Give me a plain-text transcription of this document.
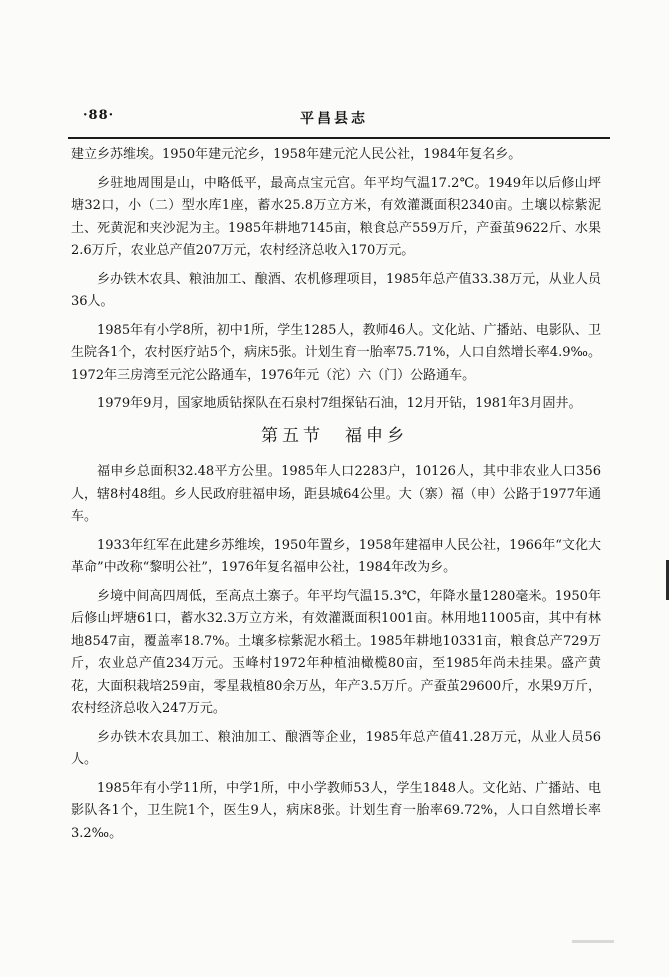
·88·	平昌县志

建立乡苏维埃。1950年建元沱乡，1958年建元沱人民公社，1984年复名乡。

乡驻地周围是山，中略低平，最高点宝元宫。年平均气温17.2℃。1949年以后修山坪塘32口，小（二）型水库1座，蓄水25.8万立方米，有效灌溉面积2340亩。土壤以棕紫泥土、死黄泥和夹沙泥为主。1985年耕地7145亩，粮食总产559万斤，产蚕茧9622斤、水果2.6万斤，农业总产值207万元，农村经济总收入170万元。

乡办铁木农具、粮油加工、酿酒、农机修理项目，1985年总产值33.38万元，从业人员36人。

1985年有小学8所，初中1所，学生1285人，教师46人。文化站、广播站、电影队、卫生院各1个，农村医疗站5个，病床5张。计划生育一胎率75.71%，人口自然增长率4.9‰。1972年三房湾至元沱公路通车，1976年元（沱）六（门）公路通车。

1979年9月，国家地质钻探队在石泉村7组探钻石油，12月开钻，1981年3月固井。

第五节　福申乡

福申乡总面积32.48平方公里。1985年人口2283户，10126人，其中非农业人口356人，辖8村48组。乡人民政府驻福申场，距县城64公里。大（寨）福（申）公路于1977年通车。

1933年红军在此建乡苏维埃，1950年置乡，1958年建福申人民公社，1966年“文化大革命”中改称“黎明公社”，1976年复名福申公社，1984年改为乡。

乡境中间高四周低，至高点土寨子。年平均气温15.3℃，年降水量1280毫米。1950年后修山坪塘61口，蓄水32.3万立方米，有效灌溉面积1001亩。林用地11005亩，其中有林地8547亩，覆盖率18.7%。土壤多棕紫泥水稻土。1985年耕地10331亩，粮食总产729万斤，农业总产值234万元。玉峰村1972年种植油橄榄80亩，至1985年尚未挂果。盛产黄花，大面积栽培259亩，零星栽植80余万丛，年产3.5万斤。产蚕茧29600斤，水果9万斤，农村经济总收入247万元。

乡办铁木农具加工、粮油加工、酿酒等企业，1985年总产值41.28万元，从业人员56人。

1985年有小学11所，中学1所，中小学教师53人，学生1848人。文化站、广播站、电影队各1个，卫生院1个，医生9人，病床8张。计划生育一胎率69.72%，人口自然增长率3.2‰。
